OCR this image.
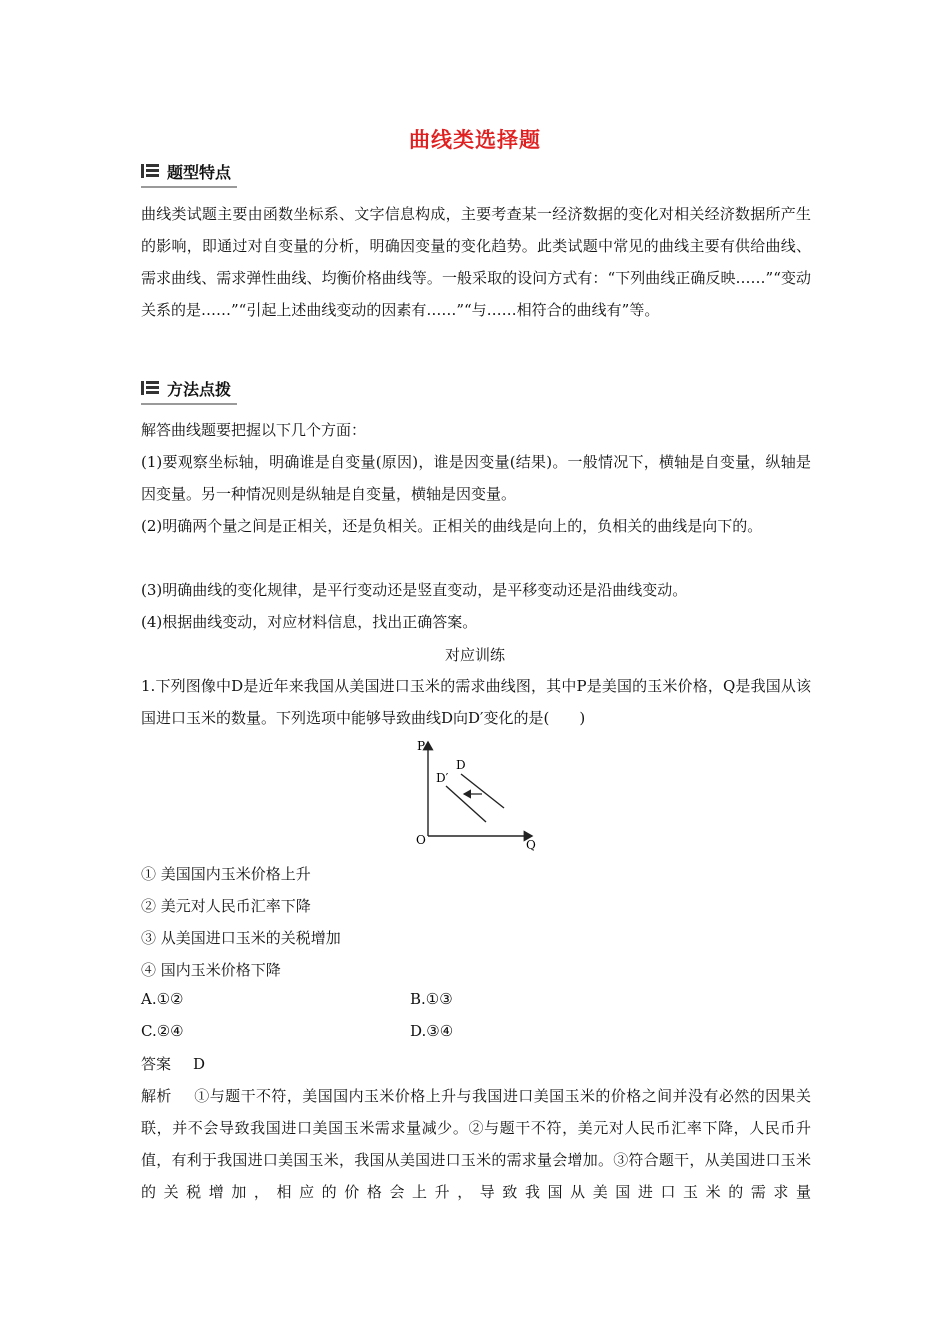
曲线类选择题
题型特点
曲线类试题主要由函数坐标系、文字信息构成，主要考查某一经济数据的变化对相关经济数据所产生的影响，即通过对自变量的分析，明确因变量的变化趋势。此类试题中常见的曲线主要有供给曲线、需求曲线、需求弹性曲线、均衡价格曲线等。一般采取的设问方式有：“下列曲线正确反映……”“变动关系的是……”“引起上述曲线变动的因素有……”“与……相符合的曲线有”等。
方法点拨
解答曲线题要把握以下几个方面：
(1)要观察坐标轴，明确谁是自变量(原因)，谁是因变量(结果)。一般情况下，横轴是自变量，纵轴是因变量。另一种情况则是纵轴是自变量，横轴是因变量。
(2)明确两个量之间是正相关，还是负相关。正相关的曲线是向上的，负相关的曲线是向下的。
(3)明确曲线的变化规律，是平行变动还是竖直变动，是平移变动还是沿曲线变动。
(4)根据曲线变动，对应材料信息，找出正确答案。
对应训练
1.下列图像中D是近年来我国从美国进口玉米的需求曲线图，其中P是美国的玉米价格，Q是我国从该国进口玉米的数量。下列选项中能够导致曲线D向D′变化的是(　　)
P
Q
O
D
D′
① 美国国内玉米价格上升
② 美元对人民币汇率下降
③ 从美国进口玉米的关税增加
④ 国内玉米价格下降
A.①②	B.①③
C.②④	D.③④
答案 D
解析 ①与题干不符，美国国内玉米价格上升与我国进口美国玉米的价格之间并没有必然的因果关联，并不会导致我国进口美国玉米需求量减少。②与题干不符，美元对人民币汇率下降，人民币升值，有利于我国进口美国玉米，我国从美国进口玉米的需求量会增加。③符合题干，从美国进口玉米的关税增加，相应的价格会上升，导致我国从美国进口玉米的需求量
